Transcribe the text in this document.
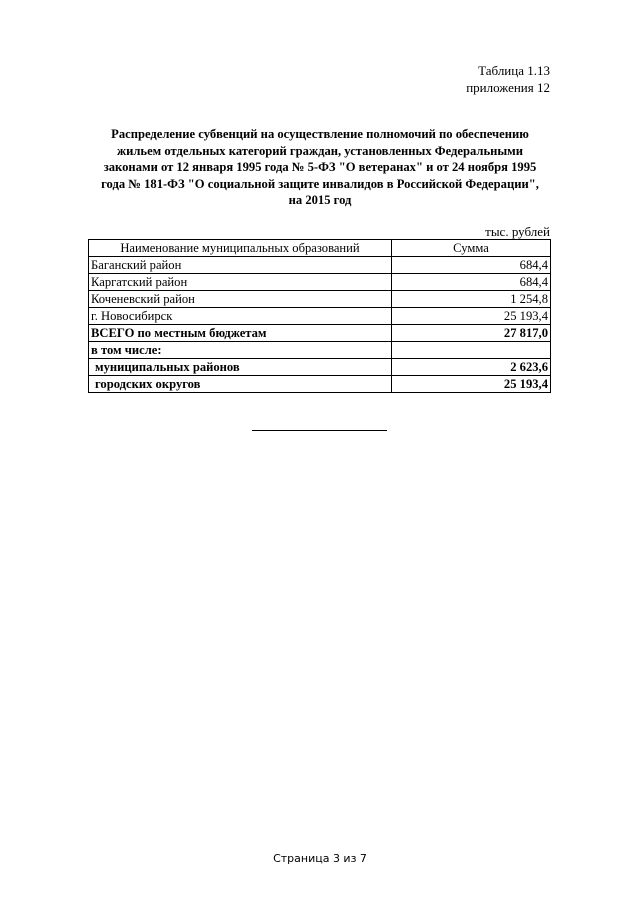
Таблица 1.13
приложения 12
Распределение субвенций на осуществление полномочий по обеспечению
жильем отдельных категорий граждан, установленных Федеральными
законами от 12 января 1995 года № 5-ФЗ "О ветеранах" и от 24 ноября 1995
года № 181-ФЗ "О социальной защите инвалидов в Российской Федерации",
на 2015 год
тыс. рублей
Наименование муниципальных образований	Сумма
Баганский район	684,4
Каргатский район	684,4
Коченевский район	1 254,8
г. Новосибирск	25 193,4
ВСЕГО по местным бюджетам	27 817,0
в том числе:	
муниципальных районов	2 623,6
городских округов	25 193,4
Страница 3 из 7
